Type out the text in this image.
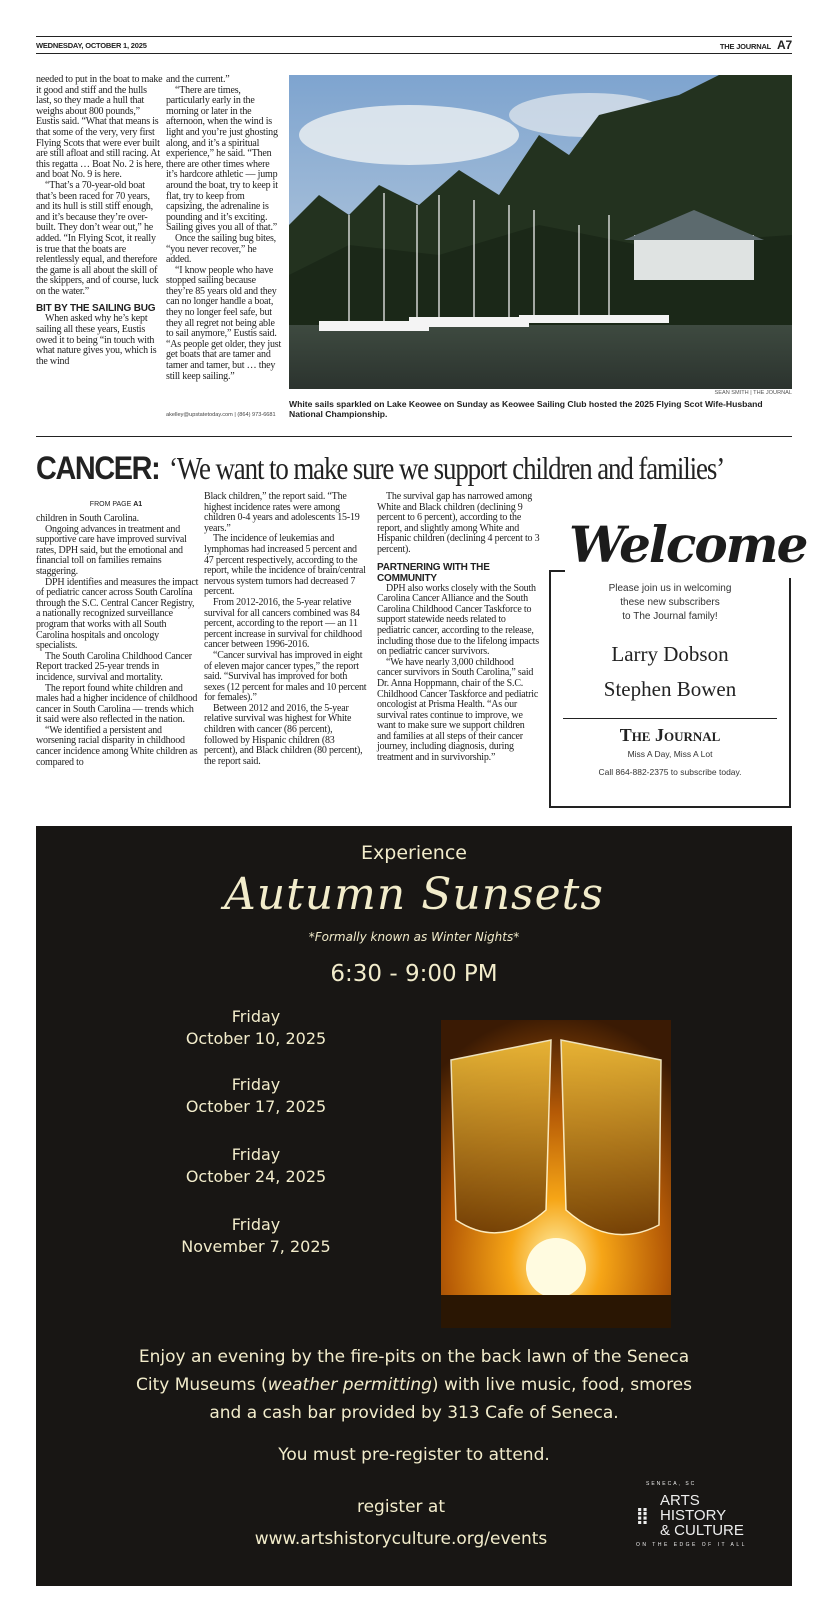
WEDNESDAY, OCTOBER 1, 2025	THE JOURNAL A7

needed to put in the boat to make it good and stiff and the hulls last, so they made a hull that weighs about 800 pounds,” Eustis said. “What that means is that some of the very, very first Flying Scots that were ever built are still afloat and still racing. At this regatta … Boat No. 2 is here, and boat No. 9 is here.

“That’s a 70-year-old boat that’s been raced for 70 years, and its hull is still stiff enough, and it’s because they’re over-built. They don’t wear out,” he added. “In Flying Scot, it really is true that the boats are relentlessly equal, and therefore the game is all about the skill of the skippers, and of course, luck on the water.”

BIT BY THE SAILING BUG

When asked why he’s kept sailing all these years, Eustis owed it to being “in touch with what nature gives you, which is the wind

and the current.”

“There are times, particularly early in the morning or later in the afternoon, when the wind is light and you’re just ghosting along, and it’s a spiritual experience,” he said. “Then there are other times where it’s hardcore athletic — jump around the boat, try to keep it flat, try to keep from capsizing, the adrenaline is pounding and it’s exciting. Sailing gives you all of that.”

Once the sailing bug bites, “you never recover,” he added.

“I know people who have stopped sailing because they’re 85 years old and they can no longer handle a boat, they no longer feel safe, but they all regret not being able to sail anymore,” Eustis said. “As people get older, they just get boats that are tamer and tamer and tamer, but … they still keep sailing.”

akelley@upstatetoday.com | (864) 973-6681
SEAN SMITH | THE JOURNAL
White sails sparkled on Lake Keowee on Sunday as Keowee Sailing Club hosted the 2025 Flying Scot Wife-Husband National Championship.
CANCER: ‘We want to make sure we support children and families’
FROM PAGE A1

children in South Carolina.

Ongoing advances in treatment and supportive care have improved survival rates, DPH said, but the emotional and financial toll on families remains staggering.

DPH identifies and measures the impact of pediatric cancer across South Carolina through the S.C. Central Cancer Registry, a nationally recognized surveillance program that works with all South Carolina hospitals and oncology specialists.

The South Carolina Childhood Cancer Report tracked 25-year trends in incidence, survival and mortality.

The report found white children and males had a higher incidence of childhood cancer in South Carolina — trends which it said were also reflected in the nation.

“We identified a persistent and worsening racial disparity in childhood cancer incidence among White children as compared to

Black children,” the report said. “The highest incidence rates were among children 0-4 years and adolescents 15-19 years.”

The incidence of leukemias and lymphomas had increased 5 percent and 47 percent respectively, according to the report, while the incidence of brain/central nervous system tumors had decreased 7 percent.

From 2012-2016, the 5-year relative survival for all cancers combined was 84 percent, according to the report — an 11 percent increase in survival for childhood cancer between 1996-2016.

“Cancer survival has improved in eight of eleven major cancer types,” the report said. “Survival has improved for both sexes (12 percent for males and 10 percent for females).”

Between 2012 and 2016, the 5-year relative survival was highest for White children with cancer (86 percent), followed by Hispanic children (83 percent), and Black children (80 percent), the report said.

The survival gap has narrowed among White and Black children (declining 9 percent to 6 percent), according to the report, and slightly among White and Hispanic children (declining 4 percent to 3 percent).

PARTNERING WITH THE COMMUNITY

DPH also works closely with the South Carolina Cancer Alliance and the South Carolina Childhood Cancer Taskforce to support statewide needs related to pediatric cancer, according to the release, including those due to the lifelong impacts on pediatric cancer survivors.

“We have nearly 3,000 childhood cancer survivors in South Carolina,” said Dr. Anna Hoppmann, chair of the S.C. Childhood Cancer Taskforce and pediatric oncologist at Prisma Health. “As our survival rates continue to improve, we want to make sure we support children and families at all steps of their cancer journey, including diagnosis, during treatment and in survivorship.”

Welcome
Please join us in welcoming
these new subscribers
to The Journal family!
Larry Dobson
Stephen Bowen
The Journal
Miss A Day, Miss A Lot
Call 864-882-2375 to subscribe today.
Experience
Autumn Sunsets
*Formally known as Winter Nights*
6:30 - 9:00 PM
Friday
October 10, 2025
Friday
October 17, 2025
Friday
October 24, 2025
Friday
November 7, 2025
Enjoy an evening by the fire-pits on the back lawn of the Seneca
City Museums (weather permitting) with live music, food, smores
and a cash bar provided by 313 Cafe of Seneca.
You must pre-register to attend.
register at
www.artshistoryculture.org/events
SENECA, SC
⁞⁞
ARTS
HISTORY
& CULTURE
ON THE EDGE OF IT ALL
